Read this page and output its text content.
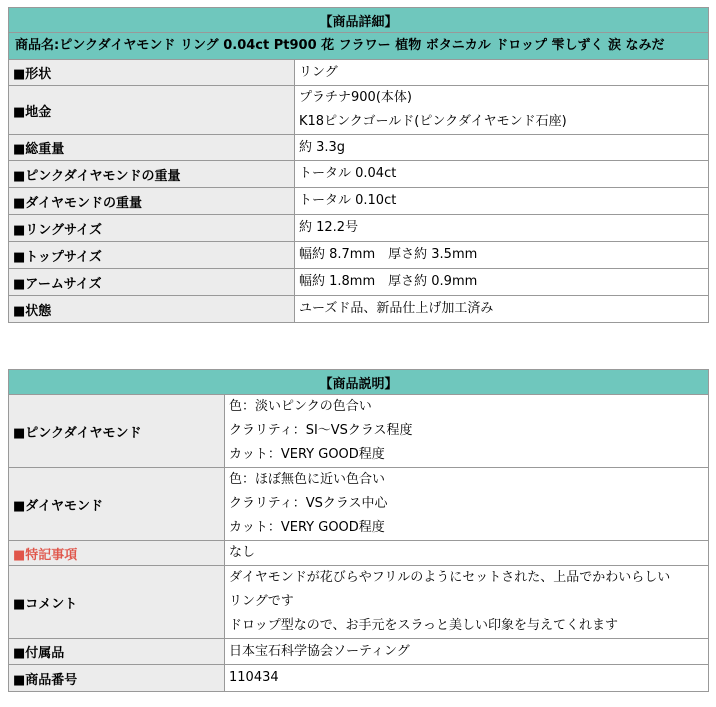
【商品詳細】	
商品名:ピンクダイヤモンド リング 0.04ct Pt900 花 フラワー 植物 ボタニカル ドロップ 雫しずく 涙 なみだ	
■形状	リング

■地金	プラチナ900(本体)
K18ピンクゴールド(ピンクダイヤモンド石座)

■総重量	約 3.3g

■ピンクダイヤモンドの重量	トータル 0.04ct

■ダイヤモンドの重量	トータル 0.10ct

■リングサイズ	約 12.2号

■トップサイズ	幅約 8.7mm　厚さ約 3.5mm

■アームサイズ	幅約 1.8mm　厚さ約 0.9mm

■状態	ユーズド品、新品仕上げ加工済み
【商品説明】	
■ピンクダイヤモンド	色：淡いピンクの色合い
クラリティ：SI～VSクラス程度
カット：VERY GOOD程度

■ダイヤモンド	色：ほぼ無色に近い色合い
クラリティ：VSクラス中心
カット：VERY GOOD程度

■特記事項	なし

■コメント	ダイヤモンドが花びらやフリルのようにセットされた、上品でかわいらしい
リングです
ドロップ型なので、お手元をスラっと美しい印象を与えてくれます

■付属品	日本宝石科学協会ソーティング

■商品番号	110434
